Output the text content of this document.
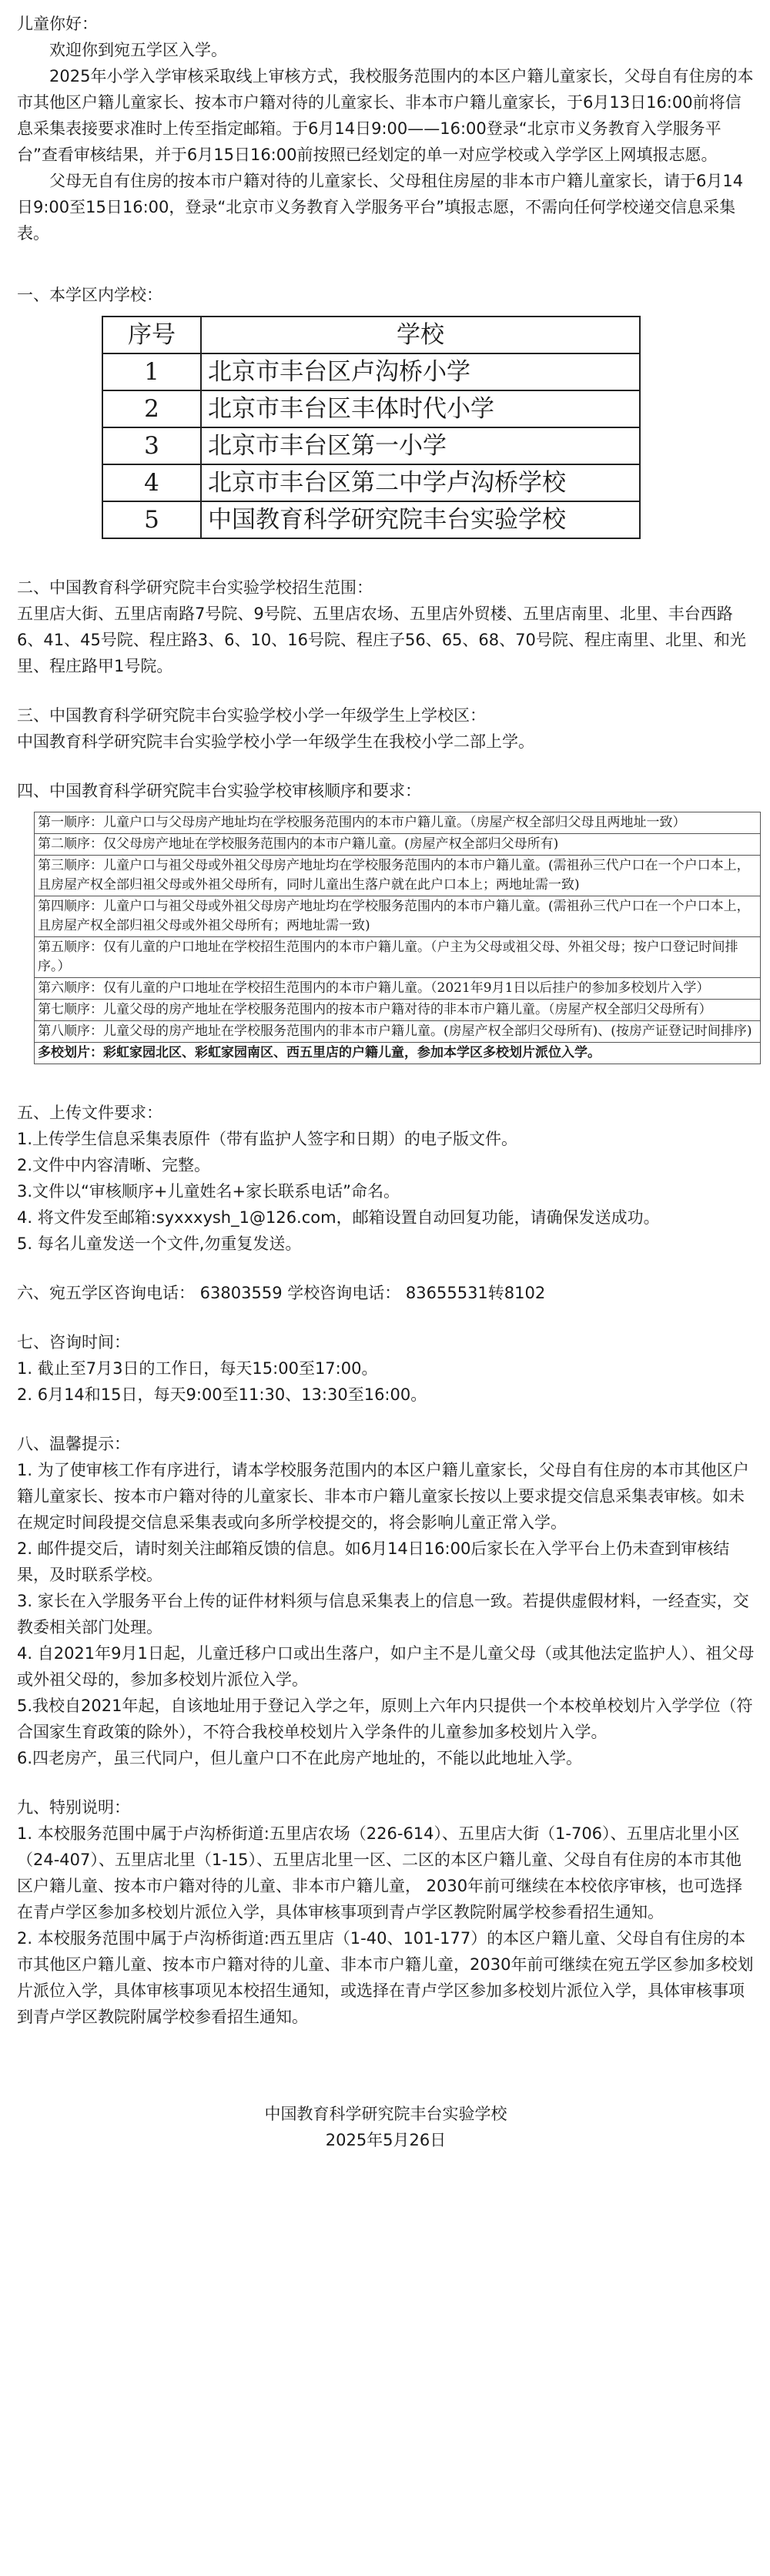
儿童你好：

欢迎你到宛五学区入学。

2025年小学入学审核采取线上审核方式，我校服务范围内的本区户籍儿童家长，父母自有住房的本市其他区户籍儿童家长、按本市户籍对待的儿童家长、非本市户籍儿童家长，于6月13日16:00前将信息采集表接要求准时上传至指定邮箱。于6月14日9:00——16:00登录“北京市义务教育入学服务平台”查看审核结果，并于6月15日16:00前按照已经划定的单一对应学校或入学学区上网填报志愿。

父母无自有住房的按本市户籍对待的儿童家长、父母租住房屋的非本市户籍儿童家长，请于6月14日9:00至15日16:00，登录“北京市义务教育入学服务平台”填报志愿，不需向任何学校递交信息采集表。

一、本学区内学校：

序号	学校
1	北京市丰台区卢沟桥小学
2	北京市丰台区丰体时代小学
3	北京市丰台区第一小学
4	北京市丰台区第二中学卢沟桥学校
5	中国教育科学研究院丰台实验学校

二、中国教育科学研究院丰台实验学校招生范围：

五里店大街、五里店南路7号院、9号院、五里店农场、五里店外贸楼、五里店南里、北里、丰台西路6、41、45号院、程庄路3、6、10、16号院、程庄子56、65、68、70号院、程庄南里、北里、和光里、程庄路甲1号院。

三、中国教育科学研究院丰台实验学校小学一年级学生上学校区：

中国教育科学研究院丰台实验学校小学一年级学生在我校小学二部上学。

四、中国教育科学研究院丰台实验学校审核顺序和要求：

第一顺序：儿童户口与父母房产地址均在学校服务范围内的本市户籍儿童。（房屋产权全部归父母且两地址一致）
第二顺序：仅父母房产地址在学校服务范围内的本市户籍儿童。(房屋产权全部归父母所有)
第三顺序：儿童户口与祖父母或外祖父母房产地址均在学校服务范围内的本市户籍儿童。(需祖孙三代户口在一个户口本上，且房屋产权全部归祖父母或外祖父母所有，同时儿童出生落户就在此户口本上；两地址需一致)
第四顺序：儿童户口与祖父母或外祖父母房产地址均在学校服务范围内的本市户籍儿童。(需祖孙三代户口在一个户口本上，且房屋产权全部归祖父母或外祖父母所有；两地址需一致)
第五顺序：仅有儿童的户口地址在学校招生范围内的本市户籍儿童。（户主为父母或祖父母、外祖父母；按户口登记时间排序。）
第六顺序：仅有儿童的户口地址在学校招生范围内的本市户籍儿童。（2021年9月1日以后挂户的参加多校划片入学）
第七顺序：儿童父母的房产地址在学校服务范围内的按本市户籍对待的非本市户籍儿童。（房屋产权全部归父母所有）
第八顺序：儿童父母的房产地址在学校服务范围内的非本市户籍儿童。(房屋产权全部归父母所有)、(按房产证登记时间排序)
多校划片：彩虹家园北区、彩虹家园南区、西五里店的户籍儿童，参加本学区多校划片派位入学。

五、上传文件要求：

1.上传学生信息采集表原件（带有监护人签字和日期）的电子版文件。

2.文件中内容清晰、完整。

3.文件以“审核顺序+儿童姓名+家长联系电话”命名。

4. 将文件发至邮箱:syxxxysh_1@126.com，邮箱设置自动回复功能，请确保发送成功。

5. 每名儿童发送一个文件,勿重复发送。

六、宛五学区咨询电话： 63803559 学校咨询电话： 83655531转8102

七、咨询时间：

1. 截止至7月3日的工作日，每天15:00至17:00。

2. 6月14和15日，每天9:00至11:30、13:30至16:00。

八、温馨提示：

1. 为了使审核工作有序进行，请本学校服务范围内的本区户籍儿童家长，父母自有住房的本市其他区户籍儿童家长、按本市户籍对待的儿童家长、非本市户籍儿童家长按以上要求提交信息采集表审核。如未在规定时间段提交信息采集表或向多所学校提交的，将会影响儿童正常入学。

2. 邮件提交后，请时刻关注邮箱反馈的信息。如6月14日16:00后家长在入学平台上仍未查到审核结果，及时联系学校。

3. 家长在入学服务平台上传的证件材料须与信息采集表上的信息一致。若提供虚假材料，一经查实，交教委相关部门处理。

4. 自2021年9月1日起，儿童迁移户口或出生落户，如户主不是儿童父母（或其他法定监护人）、祖父母或外祖父母的，参加多校划片派位入学。

5.我校自2021年起，自该地址用于登记入学之年，原则上六年内只提供一个本校单校划片入学学位（符合国家生育政策的除外），不符合我校单校划片入学条件的儿童参加多校划片入学。

6.四老房产，虽三代同户，但儿童户口不在此房产地址的，不能以此地址入学。

九、特别说明：

1. 本校服务范围中属于卢沟桥街道:五里店农场（226-614）、五里店大街（1-706）、五里店北里小区（24-407）、五里店北里（1-15）、五里店北里一区、二区的本区户籍儿童、父母自有住房的本市其他区户籍儿童、按本市户籍对待的儿童、非本市户籍儿童， 2030年前可继续在本校依序审核，也可选择在青卢学区参加多校划片派位入学，具体审核事项到青卢学区教院附属学校参看招生通知。

2. 本校服务范围中属于卢沟桥街道:西五里店（1-40、101-177）的本区户籍儿童、父母自有住房的本市其他区户籍儿童、按本市户籍对待的儿童、非本市户籍儿童，2030年前可继续在宛五学区参加多校划片派位入学，具体审核事项见本校招生通知，或选择在青卢学区参加多校划片派位入学，具体审核事项到青卢学区教院附属学校参看招生通知。

中国教育科学研究院丰台实验学校

2025年5月26日
